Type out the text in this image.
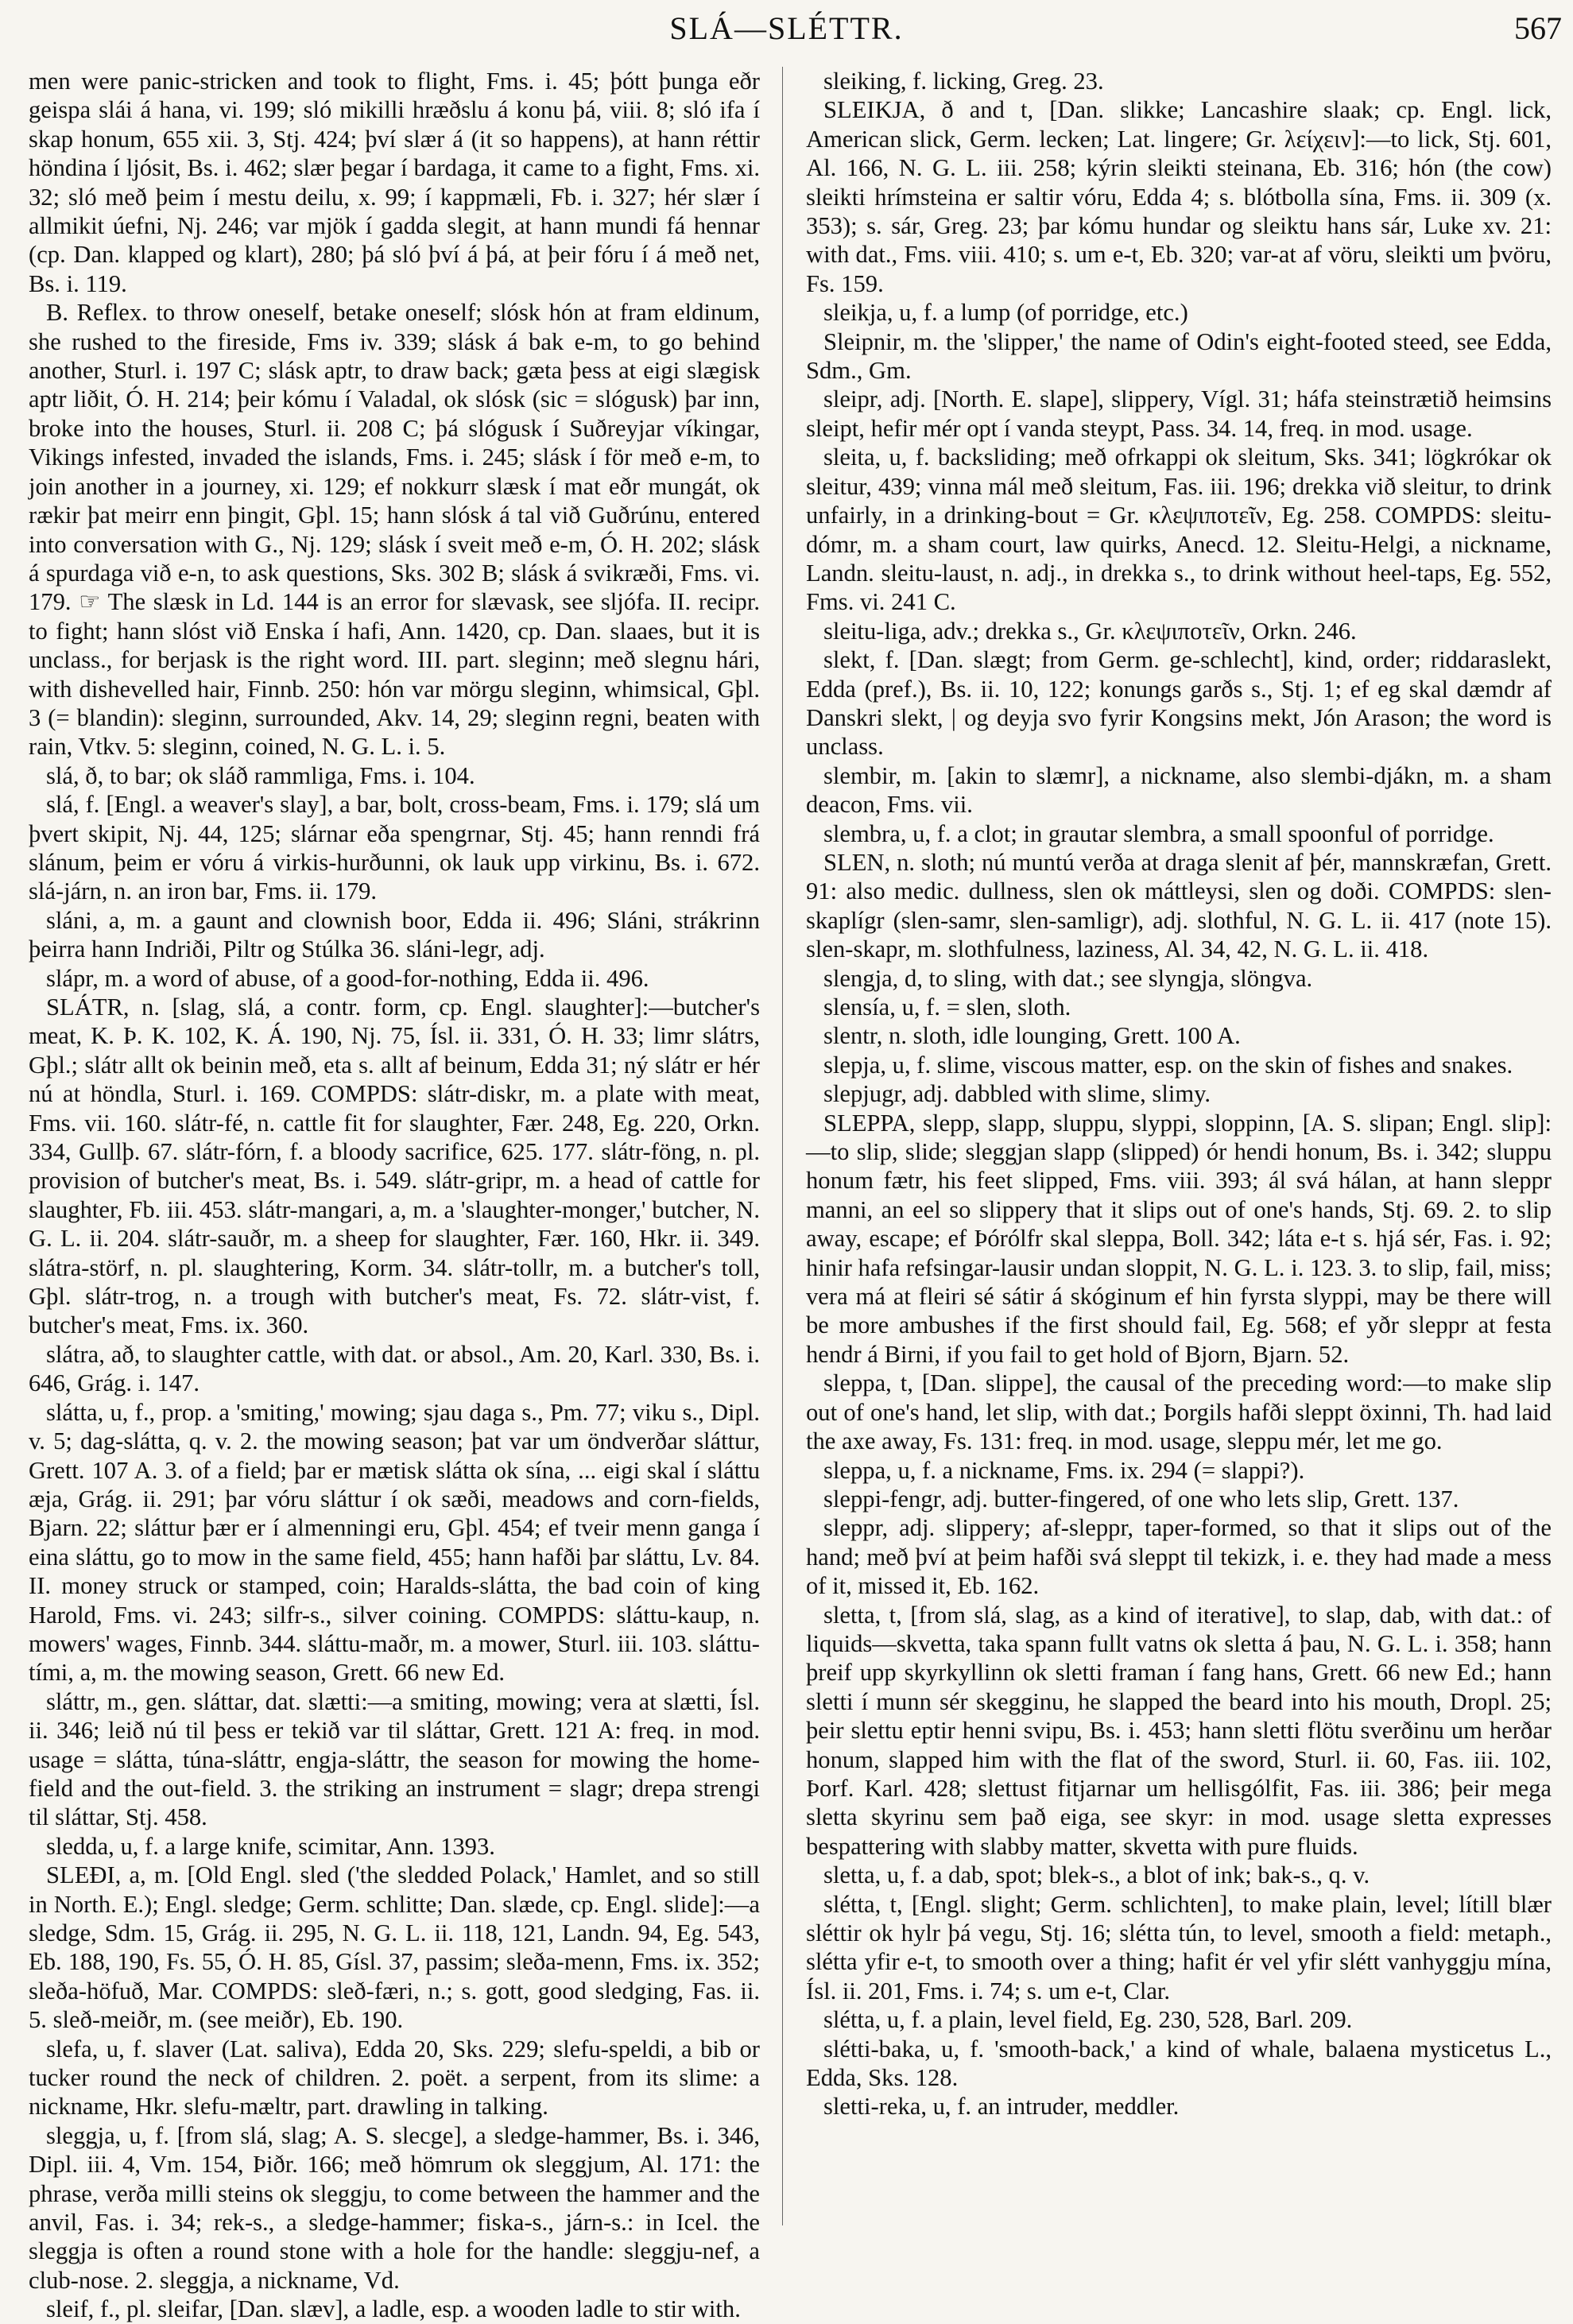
SLÁ—SLÉTTR.	567

men were panic-stricken and took to flight, Fms. i. 45; þótt þunga eðr geispa slái á hana, vi. 199; sló mikilli hræðslu á konu þá, viii. 8; sló ifa í skap honum, 655 xii. 3, Stj. 424; því slær á (it so happens), at hann réttir höndina í ljósit, Bs. i. 462; slær þegar í bardaga, it came to a fight, Fms. xi. 32; sló með þeim í mestu deilu, x. 99; í kappmæli, Fb. i. 327; hér slær í allmikit úefni, Nj. 246; var mjök í gadda slegit, at hann mundi fá hennar (cp. Dan. klapped og klart), 280; þá sló því á þá, at þeir fóru í á með net, Bs. i. 119.

B. Reflex. to throw oneself, betake oneself; slósk hón at fram eldinum, she rushed to the fireside, Fms iv. 339; slásk á bak e-m, to go behind another, Sturl. i. 197 C; slásk aptr, to draw back; gæta þess at eigi slægisk aptr liðit, Ó. H. 214; þeir kómu í Valadal, ok slósk (sic = slógusk) þar inn, broke into the houses, Sturl. ii. 208 C; þá slógusk í Suðreyjar víkingar, Vikings infested, invaded the islands, Fms. i. 245; slásk í för með e-m, to join another in a journey, xi. 129; ef nokkurr slæsk í mat eðr mungát, ok rækir þat meirr enn þingit, Gþl. 15; hann slósk á tal við Guðrúnu, entered into conversation with G., Nj. 129; slásk í sveit með e-m, Ó. H. 202; slásk á spurdaga við e-n, to ask questions, Sks. 302 B; slásk á svikræði, Fms. vi. 179. ☞ The slæsk in Ld. 144 is an error for slævask, see sljófa. II. recipr. to fight; hann slóst við Enska í hafi, Ann. 1420, cp. Dan. slaaes, but it is unclass., for berjask is the right word. III. part. sleginn; með slegnu hári, with dishevelled hair, Finnb. 250: hón var mörgu sleginn, whimsical, Gþl. 3 (= blandin): sleginn, surrounded, Akv. 14, 29; sleginn regni, beaten with rain, Vtkv. 5: sleginn, coined, N. G. L. i. 5.

slá, ð, to bar; ok sláð rammliga, Fms. i. 104.

slá, f. [Engl. a weaver's slay], a bar, bolt, cross-beam, Fms. i. 179; slá um þvert skipit, Nj. 44, 125; slárnar eða spengrnar, Stj. 45; hann renndi frá slánum, þeim er vóru á virkis-hurðunni, ok lauk upp virkinu, Bs. i. 672. slá-járn, n. an iron bar, Fms. ii. 179.

sláni, a, m. a gaunt and clownish boor, Edda ii. 496; Sláni, strákrinn þeirra hann Indriði, Piltr og Stúlka 36. sláni-legr, adj.

slápr, m. a word of abuse, of a good-for-nothing, Edda ii. 496.

SLÁTR, n. [slag, slá, a contr. form, cp. Engl. slaughter]:—butcher's meat, K. Þ. K. 102, K. Á. 190, Nj. 75, Ísl. ii. 331, Ó. H. 33; limr slátrs, Gþl.; slátr allt ok beinin með, eta s. allt af beinum, Edda 31; ný slátr er hér nú at höndla, Sturl. i. 169. COMPDS: slátr-diskr, m. a plate with meat, Fms. vii. 160. slátr-fé, n. cattle fit for slaughter, Fær. 248, Eg. 220, Orkn. 334, Gullþ. 67. slátr-fórn, f. a bloody sacrifice, 625. 177. slátr-föng, n. pl. provision of butcher's meat, Bs. i. 549. slátr-gripr, m. a head of cattle for slaughter, Fb. iii. 453. slátr-mangari, a, m. a 'slaughter-monger,' butcher, N. G. L. ii. 204. slátr-sauðr, m. a sheep for slaughter, Fær. 160, Hkr. ii. 349. slátra-störf, n. pl. slaughtering, Korm. 34. slátr-tollr, m. a butcher's toll, Gþl. slátr-trog, n. a trough with butcher's meat, Fs. 72. slátr-vist, f. butcher's meat, Fms. ix. 360.

slátra, að, to slaughter cattle, with dat. or absol., Am. 20, Karl. 330, Bs. i. 646, Grág. i. 147.

slátta, u, f., prop. a 'smiting,' mowing; sjau daga s., Pm. 77; viku s., Dipl. v. 5; dag-slátta, q. v. 2. the mowing season; þat var um öndverðar sláttur, Grett. 107 A. 3. of a field; þar er mætisk slátta ok sína, ... eigi skal í sláttu æja, Grág. ii. 291; þar vóru sláttur í ok sæði, meadows and corn-fields, Bjarn. 22; sláttur þær er í almenningi eru, Gþl. 454; ef tveir menn ganga í eina sláttu, go to mow in the same field, 455; hann hafði þar sláttu, Lv. 84. II. money struck or stamped, coin; Haralds-slátta, the bad coin of king Harold, Fms. vi. 243; silfr-s., silver coining. COMPDS: sláttu-kaup, n. mowers' wages, Finnb. 344. sláttu-maðr, m. a mower, Sturl. iii. 103. sláttu-tími, a, m. the mowing season, Grett. 66 new Ed.

sláttr, m., gen. sláttar, dat. slætti:—a smiting, mowing; vera at slætti, Ísl. ii. 346; leið nú til þess er tekið var til sláttar, Grett. 121 A: freq. in mod. usage = slátta, túna-sláttr, engja-sláttr, the season for mowing the home-field and the out-field. 3. the striking an instrument = slagr; drepa strengi til sláttar, Stj. 458.

sledda, u, f. a large knife, scimitar, Ann. 1393.

SLEÐI, a, m. [Old Engl. sled ('the sledded Polack,' Hamlet, and so still in North. E.); Engl. sledge; Germ. schlitte; Dan. slæde, cp. Engl. slide]:—a sledge, Sdm. 15, Grág. ii. 295, N. G. L. ii. 118, 121, Landn. 94, Eg. 543, Eb. 188, 190, Fs. 55, Ó. H. 85, Gísl. 37, passim; sleða-menn, Fms. ix. 352; sleða-höfuð, Mar. COMPDS: sleð-færi, n.; s. gott, good sledging, Fas. ii. 5. sleð-meiðr, m. (see meiðr), Eb. 190.

slefa, u, f. slaver (Lat. saliva), Edda 20, Sks. 229; slefu-speldi, a bib or tucker round the neck of children. 2. poët. a serpent, from its slime: a nickname, Hkr. slefu-mæltr, part. drawling in talking.

sleggja, u, f. [from slá, slag; A. S. slecge], a sledge-hammer, Bs. i. 346, Dipl. iii. 4, Vm. 154, Þiðr. 166; með hömrum ok sleggjum, Al. 171: the phrase, verða milli steins ok sleggju, to come between the hammer and the anvil, Fas. i. 34; rek-s., a sledge-hammer; fiska-s., járn-s.: in Icel. the sleggja is often a round stone with a hole for the handle: sleggju-nef, a club-nose. 2. sleggja, a nickname, Vd.

sleif, f., pl. sleifar, [Dan. slæv], a ladle, esp. a wooden ladle to stir with.

sleiking, f. licking, Greg. 23.

SLEIKJA, ð and t, [Dan. slikke; Lancashire slaak; cp. Engl. lick, American slick, Germ. lecken; Lat. lingere; Gr. λείχειν]:—to lick, Stj. 601, Al. 166, N. G. L. iii. 258; kýrin sleikti steinana, Eb. 316; hón (the cow) sleikti hrímsteina er saltir vóru, Edda 4; s. blótbolla sína, Fms. ii. 309 (x. 353); s. sár, Greg. 23; þar kómu hundar og sleiktu hans sár, Luke xv. 21: with dat., Fms. viii. 410; s. um e-t, Eb. 320; var-at af vöru, sleikti um þvöru, Fs. 159.

sleikja, u, f. a lump (of porridge, etc.)

Sleipnir, m. the 'slipper,' the name of Odin's eight-footed steed, see Edda, Sdm., Gm.

sleipr, adj. [North. E. slape], slippery, Vígl. 31; háfa steinstrætið heimsins sleipt, hefir mér opt í vanda steypt, Pass. 34. 14, freq. in mod. usage.

sleita, u, f. backsliding; með ofrkappi ok sleitum, Sks. 341; lögkrókar ok sleitur, 439; vinna mál með sleitum, Fas. iii. 196; drekka við sleitur, to drink unfairly, in a drinking-bout = Gr. κλεψιποτεῖν, Eg. 258. COMPDS: sleitu-dómr, m. a sham court, law quirks, Anecd. 12. Sleitu-Helgi, a nickname, Landn. sleitu-laust, n. adj., in drekka s., to drink without heel-taps, Eg. 552, Fms. vi. 241 C.

sleitu-liga, adv.; drekka s., Gr. κλεψιποτεῖν, Orkn. 246.

slekt, f. [Dan. slægt; from Germ. ge-schlecht], kind, order; riddaraslekt, Edda (pref.), Bs. ii. 10, 122; konungs garðs s., Stj. 1; ef eg skal dæmdr af Danskri slekt, | og deyja svo fyrir Kongsins mekt, Jón Arason; the word is unclass.

slembir, m. [akin to slæmr], a nickname, also slembi-djákn, m. a sham deacon, Fms. vii.

slembra, u, f. a clot; in grautar slembra, a small spoonful of porridge.

SLEN, n. sloth; nú muntú verða at draga slenit af þér, mannskræfan, Grett. 91: also medic. dullness, slen ok máttleysi, slen og doði. COMPDS: slen-skaplígr (slen-samr, slen-samligr), adj. slothful, N. G. L. ii. 417 (note 15). slen-skapr, m. slothfulness, laziness, Al. 34, 42, N. G. L. ii. 418.

slengja, d, to sling, with dat.; see slyngja, slöngva.

slensía, u, f. = slen, sloth.

slentr, n. sloth, idle lounging, Grett. 100 A.

slepja, u, f. slime, viscous matter, esp. on the skin of fishes and snakes.

slepjugr, adj. dabbled with slime, slimy.

SLEPPA, slepp, slapp, sluppu, slyppi, sloppinn, [A. S. slipan; Engl. slip]:—to slip, slide; sleggjan slapp (slipped) ór hendi honum, Bs. i. 342; sluppu honum fætr, his feet slipped, Fms. viii. 393; ál svá hálan, at hann sleppr manni, an eel so slippery that it slips out of one's hands, Stj. 69. 2. to slip away, escape; ef Þórólfr skal sleppa, Boll. 342; láta e-t s. hjá sér, Fas. i. 92; hinir hafa refsingar-lausir undan sloppit, N. G. L. i. 123. 3. to slip, fail, miss; vera má at fleiri sé sátir á skóginum ef hin fyrsta slyppi, may be there will be more ambushes if the first should fail, Eg. 568; ef yðr sleppr at festa hendr á Birni, if you fail to get hold of Bjorn, Bjarn. 52.

sleppa, t, [Dan. slippe], the causal of the preceding word:—to make slip out of one's hand, let slip, with dat.; Þorgils hafði sleppt öxinni, Th. had laid the axe away, Fs. 131: freq. in mod. usage, sleppu mér, let me go.

sleppa, u, f. a nickname, Fms. ix. 294 (= slappi?).

sleppi-fengr, adj. butter-fingered, of one who lets slip, Grett. 137.

sleppr, adj. slippery; af-sleppr, taper-formed, so that it slips out of the hand; með því at þeim hafði svá sleppt til tekizk, i. e. they had made a mess of it, missed it, Eb. 162.

sletta, t, [from slá, slag, as a kind of iterative], to slap, dab, with dat.: of liquids—skvetta, taka spann fullt vatns ok sletta á þau, N. G. L. i. 358; hann þreif upp skyrkyllinn ok sletti framan í fang hans, Grett. 66 new Ed.; hann sletti í munn sér skegginu, he slapped the beard into his mouth, Dropl. 25; þeir slettu eptir henni svipu, Bs. i. 453; hann sletti flötu sverðinu um herðar honum, slapped him with the flat of the sword, Sturl. ii. 60, Fas. iii. 102, Þorf. Karl. 428; slettust fitjarnar um hellisgólfit, Fas. iii. 386; þeir mega sletta skyrinu sem það eiga, see skyr: in mod. usage sletta expresses bespattering with slabby matter, skvetta with pure fluids.

sletta, u, f. a dab, spot; blek-s., a blot of ink; bak-s., q. v.

slétta, t, [Engl. slight; Germ. schlichten], to make plain, level; lítill blær sléttir ok hylr þá vegu, Stj. 16; slétta tún, to level, smooth a field: metaph., slétta yfir e-t, to smooth over a thing; hafit ér vel yfir slétt vanhyggju mína, Ísl. ii. 201, Fms. i. 74; s. um e-t, Clar.

slétta, u, f. a plain, level field, Eg. 230, 528, Barl. 209.

slétti-baka, u, f. 'smooth-back,' a kind of whale, balaena mysticetus L., Edda, Sks. 128.

sletti-reka, u, f. an intruder, meddler.
